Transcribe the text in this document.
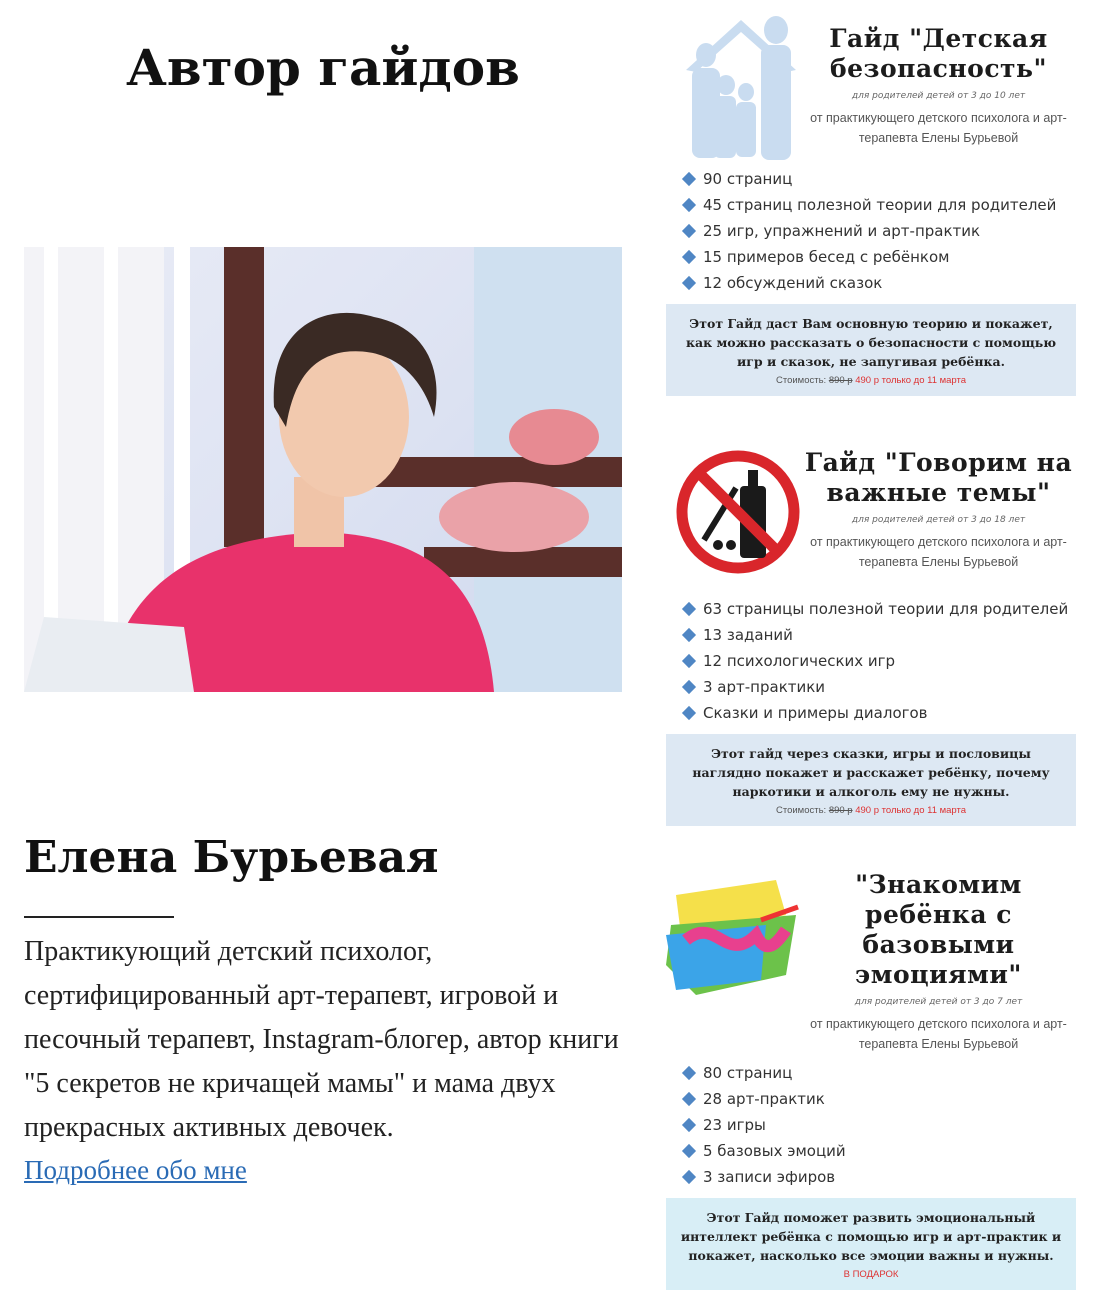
Автор гайдов
Елена Бурьевая
Практикующий детский психолог, сертифицированный арт-терапевт, игровой и песочный терапевт, Instagram-блогер, автор книги "5 секретов не кричащей мамы" и мама двух прекрасных активных девочек.
Подробнее обо мне
Гайд "Детская безопасность"
для родителей детей от 3 до 10 лет
от практикующего детского психолога и арт-терапевта Елены Бурьевой
90 страниц
45 страниц полезной теории для родителей
25 игр, упражнений и арт-практик
15 примеров бесед с ребёнком
12 обсуждений сказок

Этот Гайд даст Вам основную теорию и покажет, как можно рассказать о безопасности с помощью игр и сказок, не запугивая ребёнка.

Стоимость: 890 р 490 р только до 11 марта
Гайд "Говорим на важные темы"
для родителей детей от 3 до 18 лет
от практикующего детского психолога и арт-терапевта Елены Бурьевой
63 страницы полезной теории для родителей
13 заданий
12 психологических игр
3 арт-практики
Сказки и примеры диалогов

Этот гайд через сказки, игры и пословицы наглядно покажет и расскажет ребёнку, почему наркотики и алкоголь ему не нужны.

Стоимость: 890 р 490 р только до 11 марта
"Знакомим ребёнка с базовыми эмоциями"
для родителей детей от 3 до 7 лет
от практикующего детского психолога и арт-терапевта Елены Бурьевой
80 страниц
28 арт-практик
23 игры
5 базовых эмоций
3 записи эфиров

Этот Гайд поможет развить эмоциональный интеллект ребёнка с помощью игр и арт-практик и покажет, насколько все эмоции важны и нужны.

В ПОДАРОК
